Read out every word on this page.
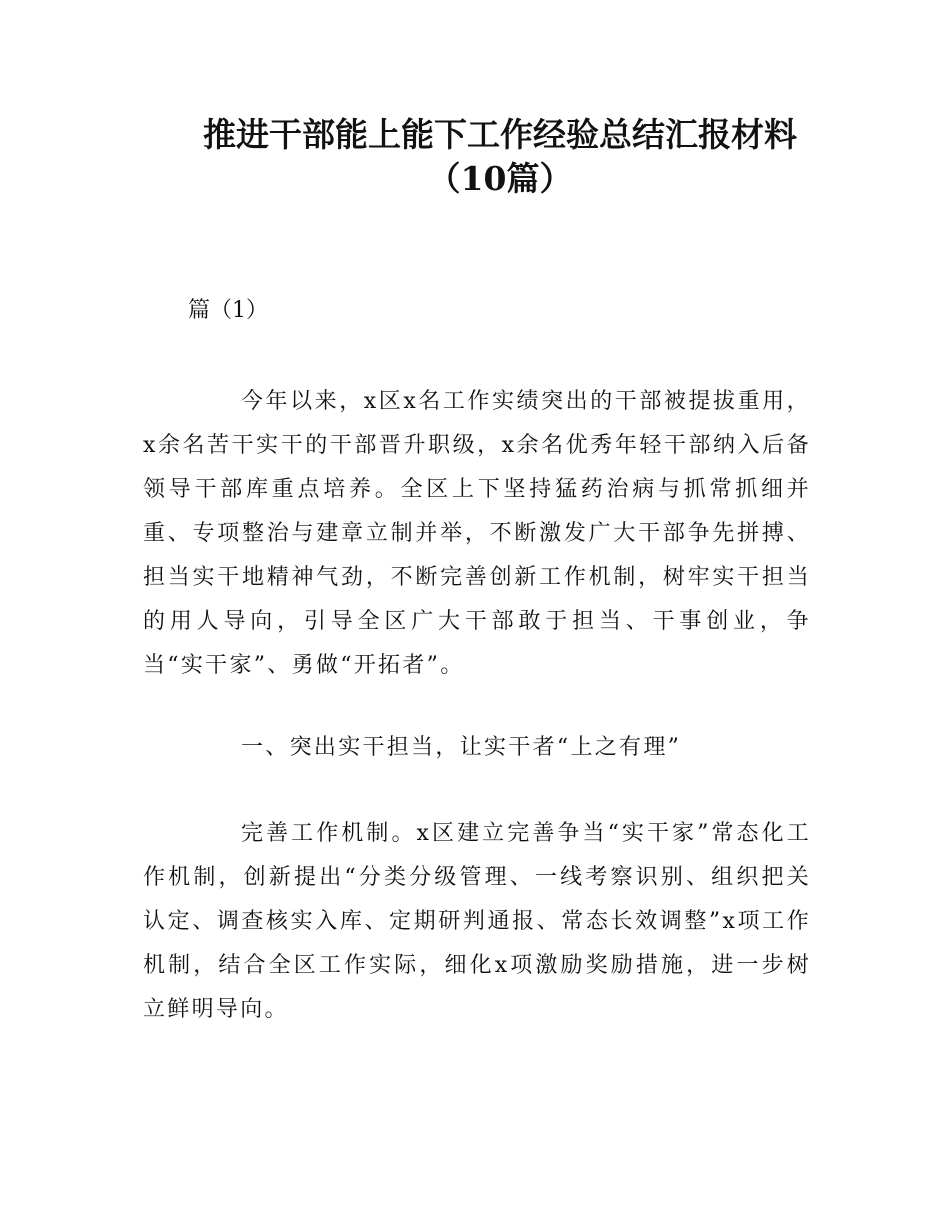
推进干部能上能下工作经验总结汇报材料
（10篇）
篇（1）

今年以来，x区x名工作实绩突出的干部被提拔重用，x余名苦干实干的干部晋升职级，x余名优秀年轻干部纳入后备领导干部库重点培养。全区上下坚持猛药治病与抓常抓细并重、专项整治与建章立制并举，不断激发广大干部争先拼搏、担当实干地精神气劲，不断完善创新工作机制，树牢实干担当的用人导向，引导全区广大干部敢于担当、干事创业，争当“实干家”、勇做“开拓者”。

一、突出实干担当，让实干者“上之有理”

完善工作机制。x区建立完善争当“实干家”常态化工作机制，创新提出“分类分级管理、一线考察识别、组织把关认定、调查核实入库、定期研判通报、常态长效调整”x项工作机制，结合全区工作实际，细化x项激励奖励措施，进一步树立鲜明导向。
